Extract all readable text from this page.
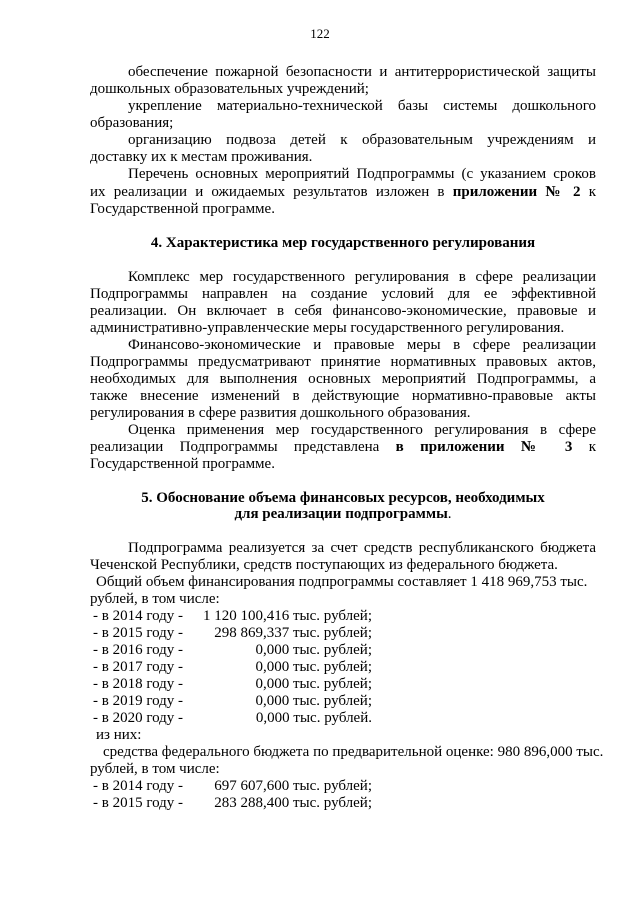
122
обеспечение пожарной безопасности и антитеррористической защиты
дошкольных образовательных учреждений;
укрепление материально-технической базы системы дошкольного
образования;
организацию подвоза детей к образовательным учреждениям и
доставку их к местам проживания.
Перечень основных мероприятий Подпрограммы (с указанием сроков
их реализации и ожидаемых результатов изложен в приложении № 2 к
Государственной программе.
4. Характеристика мер государственного регулирования
Комплекс мер государственного регулирования в сфере реализации
Подпрограммы направлен на создание условий для ее эффективной
реализации. Он включает в себя финансово-экономические, правовые и
административно-управленческие меры государственного регулирования.
Финансово-экономические и правовые меры в сфере реализации
Подпрограммы предусматривают принятие нормативных правовых актов,
необходимых для выполнения основных мероприятий Подпрограммы, а
также внесение изменений в действующие нормативно-правовые акты
регулирования в сфере развития дошкольного образования.
Оценка применения мер государственного регулирования в сфере
реализации Подпрограммы представлена в приложении № 3 к
Государственной программе.
5. Обоснование объема финансовых ресурсов, необходимых
для реализации подпрограммы.
Подпрограмма реализуется за счет средств республиканского бюджета
Чеченской Республики, средств поступающих из федерального бюджета.
Общий объем финансирования подпрограммы составляет 1 418 969,753 тыс.
рублей, в том числе:
- в 2014 году -	1 120 100,416 тыс. рублей;
- в 2015 году -	298 869,337 тыс. рублей;
- в 2016 году -	0,000 тыс. рублей;
- в 2017 году -	0,000 тыс. рублей;
- в 2018 году -	0,000 тыс. рублей;
- в 2019 году -	0,000 тыс. рублей;
- в 2020 году -	0,000 тыс. рублей.
из них:
средства федерального бюджета по предварительной оценке: 980 896,000 тыс.
рублей, в том числе:
- в 2014 году -	697 607,600 тыс. рублей;
- в 2015 году -	283 288,400 тыс. рублей;
